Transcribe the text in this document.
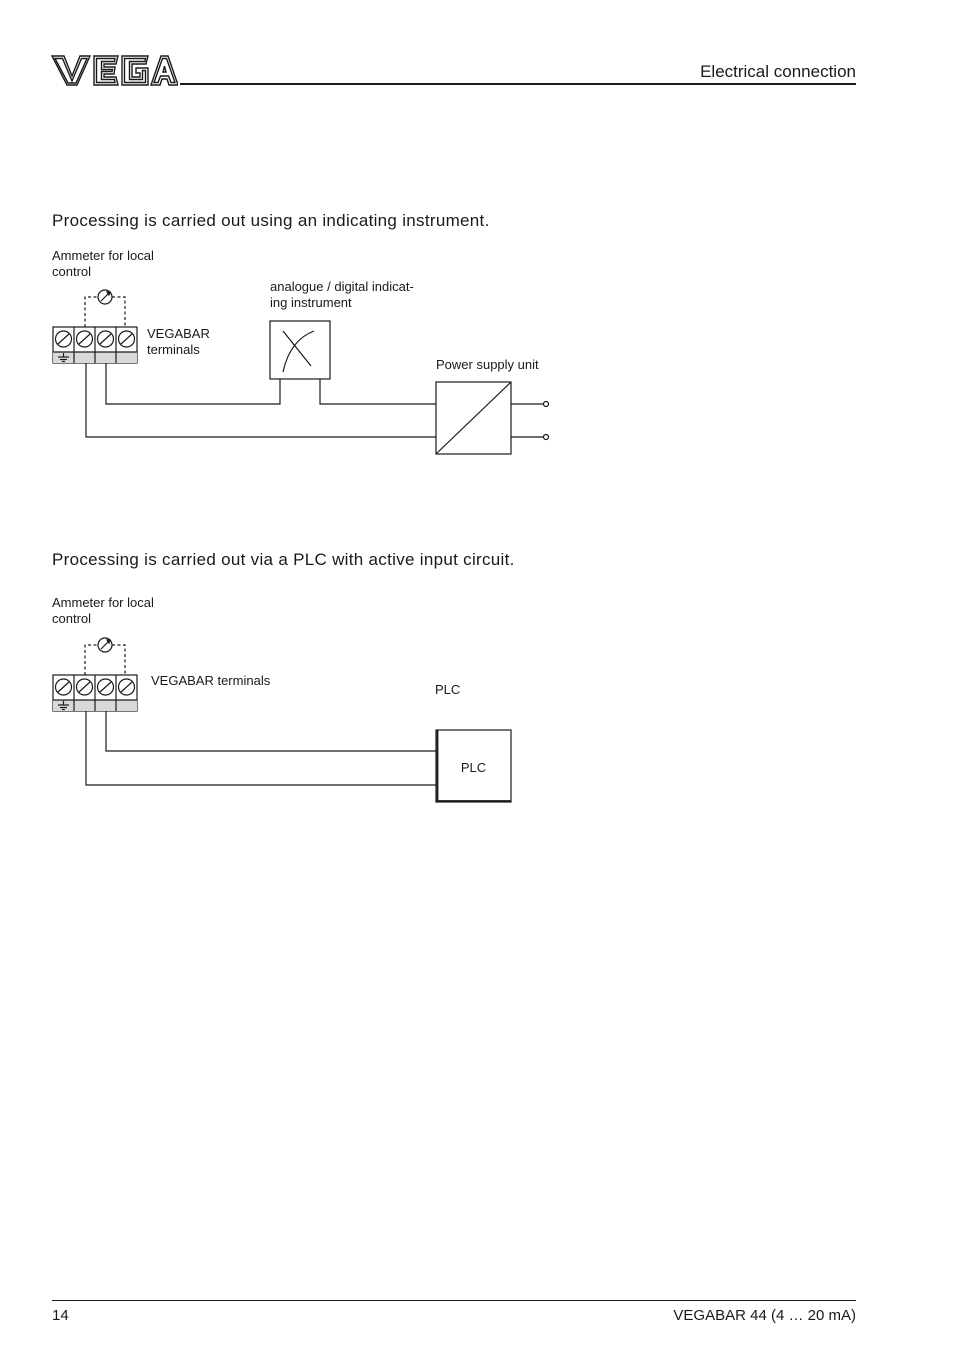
Electrical connection
Processing is carried out using an indicating instrument.
Ammeter for local
control
VEGABAR
terminals
analogue / digital indicat-
ing instrument
Power supply unit
Processing is carried out via a PLC with active input circuit.
Ammeter for local
control
VEGABAR terminals
PLC
PLC
14	VEGABAR 44 (4 … 20 mA)
